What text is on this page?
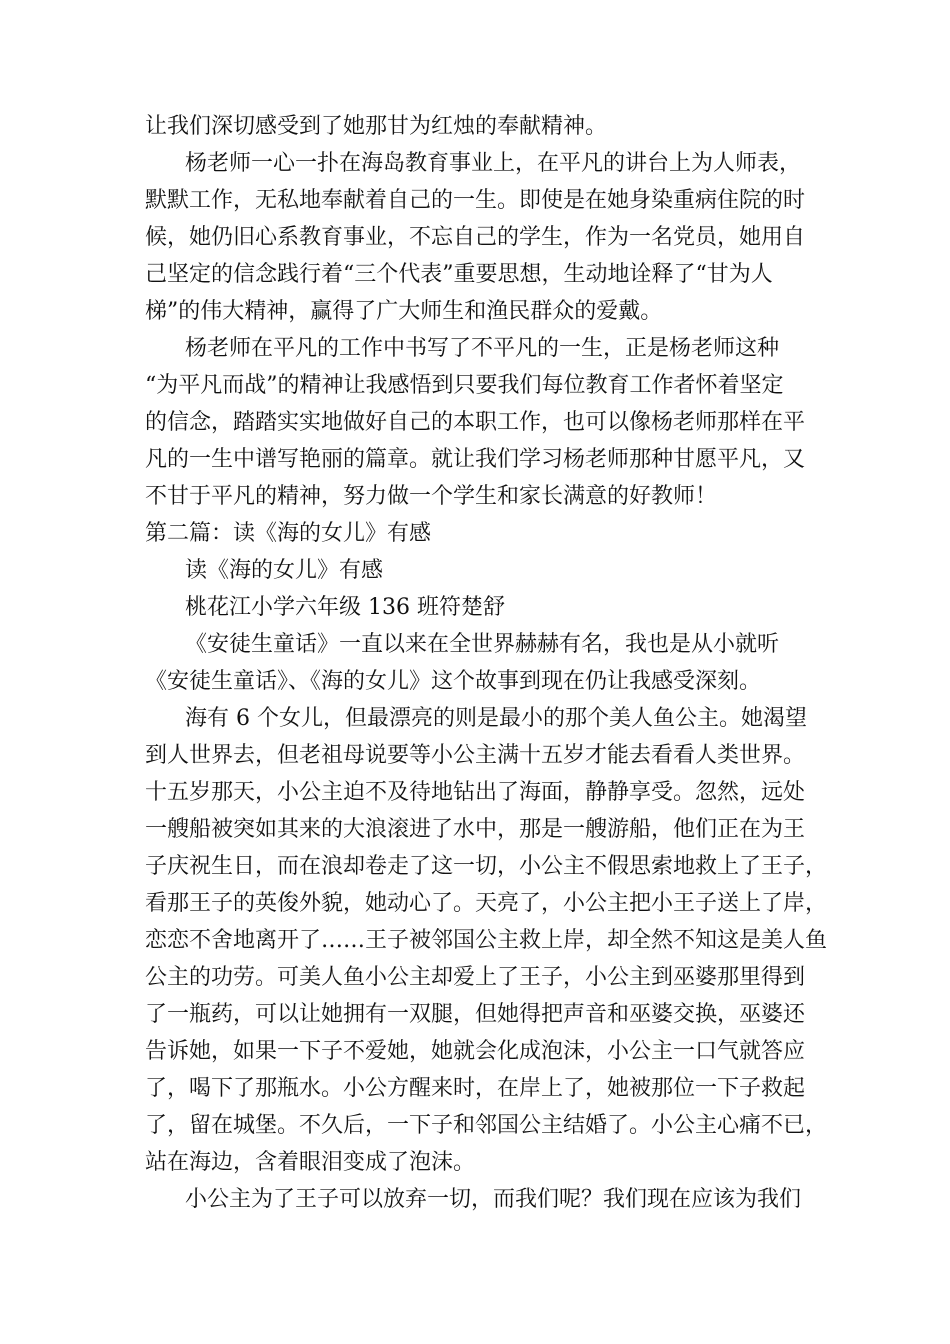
让我们深切感受到了她那甘为红烛的奉献精神。
杨老师一心一扑在海岛教育事业上，在平凡的讲台上为人师表，
默默工作，无私地奉献着自己的一生。即使是在她身染重病住院的时
候，她仍旧心系教育事业，不忘自己的学生，作为一名党员，她用自
己坚定的信念践行着“三个代表”重要思想，生动地诠释了“甘为人
梯”的伟大精神，赢得了广大师生和渔民群众的爱戴。
杨老师在平凡的工作中书写了不平凡的一生，正是杨老师这种
“为平凡而战”的精神让我感悟到只要我们每位教育工作者怀着坚定
的信念，踏踏实实地做好自己的本职工作，也可以像杨老师那样在平
凡的一生中谱写艳丽的篇章。就让我们学习杨老师那种甘愿平凡，又
不甘于平凡的精神，努力做一个学生和家长满意的好教师！
第二篇：读《海的女儿》有感
读《海的女儿》有感
桃花江小学六年级 136 班符楚舒
《安徒生童话》一直以来在全世界赫赫有名，我也是从小就听
《安徒生童话》、《海的女儿》这个故事到现在仍让我感受深刻。
海有 6 个女儿，但最漂亮的则是最小的那个美人鱼公主。她渴望
到人世界去，但老祖母说要等小公主满十五岁才能去看看人类世界。
十五岁那天，小公主迫不及待地钻出了海面，静静享受。忽然，远处
一艘船被突如其来的大浪滚进了水中，那是一艘游船，他们正在为王
子庆祝生日，而在浪却卷走了这一切，小公主不假思索地救上了王子，
看那王子的英俊外貌，她动心了。天亮了，小公主把小王子送上了岸，
恋恋不舍地离开了……王子被邻国公主救上岸，却全然不知这是美人鱼
公主的功劳。可美人鱼小公主却爱上了王子，小公主到巫婆那里得到
了一瓶药，可以让她拥有一双腿，但她得把声音和巫婆交换，巫婆还
告诉她，如果一下子不爱她，她就会化成泡沫，小公主一口气就答应
了，喝下了那瓶水。小公方醒来时，在岸上了，她被那位一下子救起
了，留在城堡。不久后，一下子和邻国公主结婚了。小公主心痛不已，
站在海边，含着眼泪变成了泡沫。
小公主为了王子可以放弃一切，而我们呢？我们现在应该为我们
